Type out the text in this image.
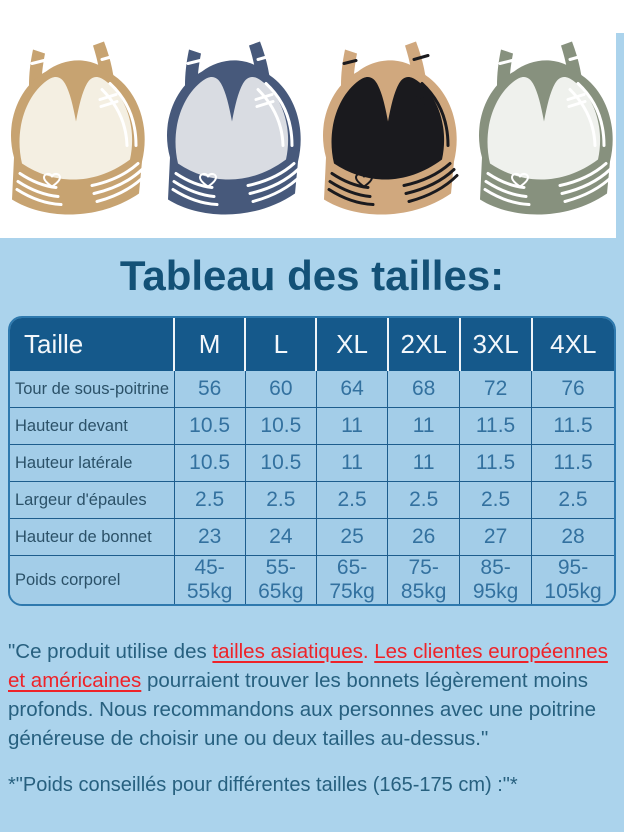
Tableau des tailles:
Taille	M	L	XL	2XL	3XL	4XL
Tour de sous-poitrine	56	60	64	68	72	76
Hauteur devant	10.5	10.5	11	11	11.5	11.5
Hauteur latérale	10.5	10.5	11	11	11.5	11.5
Largeur d'épaules	2.5	2.5	2.5	2.5	2.5	2.5
Hauteur de bonnet	23	24	25	26	27	28
Poids corporel	45-55kg	55-65kg	65-75kg	75-85kg	85-95kg	95-105kg

"Ce produit utilise des tailles asiatiques. Les clientes européennes et américaines pourraient trouver les bonnets légèrement moins profonds. Nous recommandons aux personnes avec une poitrine généreuse de choisir une ou deux tailles au-dessus."

*"Poids conseillés pour différentes tailles (165-175 cm) :"*
